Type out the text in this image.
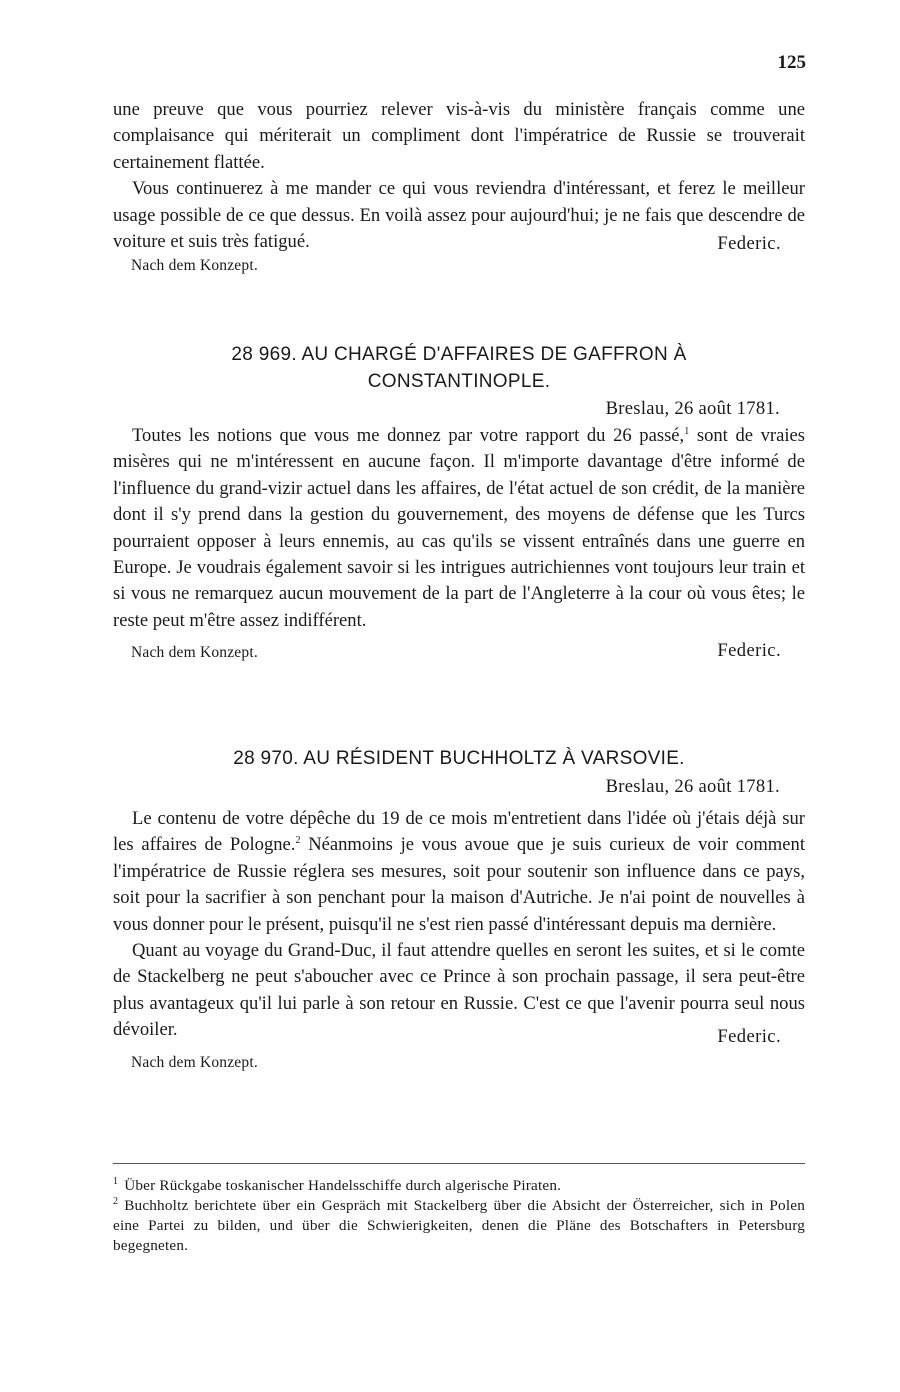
125

une preuve que vous pourriez relever vis-à-vis du ministère français comme une complaisance qui mériterait un compliment dont l'impératrice de Russie se trouverait certainement flattée.

Vous continuerez à me mander ce qui vous reviendra d'intéressant, et ferez le meilleur usage possible de ce que dessus. En voilà assez pour aujourd'hui; je ne fais que descendre de voiture et suis très fatigué.	Federic.
Nach dem Konzept.
28 969. AU CHARGÉ D'AFFAIRES DE GAFFRON À
CONSTANTINOPLE.
Breslau, 26 août 1781.

Toutes les notions que vous me donnez par votre rapport du 26 passé,$^1$ sont de vraies misères qui ne m'intéressent en aucune façon. Il m'importe davantage d'être informé de l'influence du grand-vizir actuel dans les affaires, de l'état actuel de son crédit, de la manière dont il s'y prend dans la gestion du gouvernement, des moyens de défense que les Turcs pourraient opposer à leurs ennemis, au cas qu'ils se vissent entraînés dans une guerre en Europe. Je voudrais également savoir si les intrigues autrichiennes vont toujours leur train et si vous ne remarquez aucun mouvement de la part de l'Angleterre à la cour où vous êtes; le reste peut m'être assez indifférent.

Nach dem Konzept.	Federic.
28 970. AU RÉSIDENT BUCHHOLTZ À VARSOVIE.
Breslau, 26 août 1781.

Le contenu de votre dépêche du 19 de ce mois m'entretient dans l'idée où j'étais déjà sur les affaires de Pologne.$^2$ Néanmoins je vous avoue que je suis curieux de voir comment l'impératrice de Russie réglera ses mesures, soit pour soutenir son influence dans ce pays, soit pour la sacrifier à son penchant pour la maison d'Autriche. Je n'ai point de nouvelles à vous donner pour le présent, puisqu'il ne s'est rien passé d'intéressant depuis ma dernière.

Quant au voyage du Grand-Duc, il faut attendre quelles en seront les suites, et si le comte de Stackelberg ne peut s'aboucher avec ce Prince à son prochain passage, il sera peut-être plus avantageux qu'il lui parle à son retour en Russie. C'est ce que l'avenir pourra seul nous dévoiler.	Federic.
Nach dem Konzept.

$^1$ Über Rückgabe toskanischer Handelsschiffe durch algerische Piraten.

$^2$ Buchholtz berichtete über ein Gespräch mit Stackelberg über die Absicht der Österreicher, sich in Polen eine Partei zu bilden, und über die Schwierigkeiten, denen die Pläne des Botschafters in Petersburg begegneten.
